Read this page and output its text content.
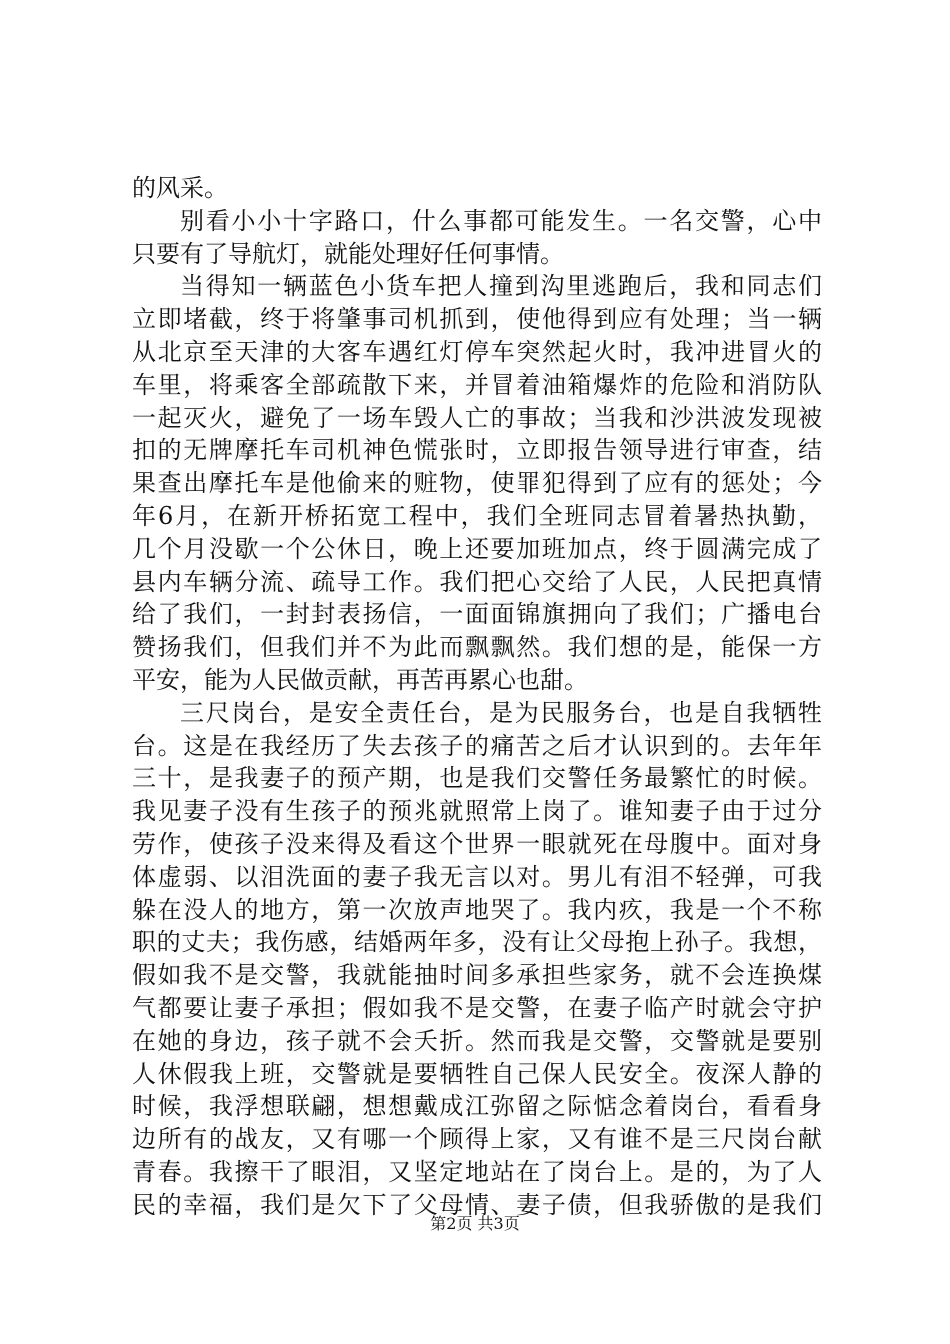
的风采。
别看小小十字路口，什么事都可能发生。一名交警，心中
只要有了导航灯，就能处理好任何事情。
当得知一辆蓝色小货车把人撞到沟里逃跑后，我和同志们
立即堵截，终于将肇事司机抓到，使他得到应有处理；当一辆
从北京至天津的大客车遇红灯停车突然起火时，我冲进冒火的
车里，将乘客全部疏散下来，并冒着油箱爆炸的危险和消防队
一起灭火，避免了一场车毁人亡的事故；当我和沙洪波发现被
扣的无牌摩托车司机神色慌张时，立即报告领导进行审查，结
果查出摩托车是他偷来的赃物，使罪犯得到了应有的惩处；今
年6月，在新开桥拓宽工程中，我们全班同志冒着暑热执勤，
几个月没歇一个公休日，晚上还要加班加点，终于圆满完成了
县内车辆分流、疏导工作。我们把心交给了人民，人民把真情
给了我们，一封封表扬信，一面面锦旗拥向了我们；广播电台
赞扬我们，但我们并不为此而飘飘然。我们想的是，能保一方
平安，能为人民做贡献，再苦再累心也甜。
三尺岗台，是安全责任台，是为民服务台，也是自我牺牲
台。这是在我经历了失去孩子的痛苦之后才认识到的。去年年
三十，是我妻子的预产期，也是我们交警任务最繁忙的时候。
我见妻子没有生孩子的预兆就照常上岗了。谁知妻子由于过分
劳作，使孩子没来得及看这个世界一眼就死在母腹中。面对身
体虚弱、以泪洗面的妻子我无言以对。男儿有泪不轻弹，可我
躲在没人的地方，第一次放声地哭了。我内疚，我是一个不称
职的丈夫；我伤感，结婚两年多，没有让父母抱上孙子。我想，
假如我不是交警，我就能抽时间多承担些家务，就不会连换煤
气都要让妻子承担；假如我不是交警，在妻子临产时就会守护
在她的身边，孩子就不会夭折。然而我是交警，交警就是要别
人休假我上班，交警就是要牺牲自己保人民安全。夜深人静的
时候，我浮想联翩，想想戴成江弥留之际惦念着岗台，看看身
边所有的战友，又有哪一个顾得上家，又有谁不是三尺岗台献
青春。我擦干了眼泪，又坚定地站在了岗台上。是的，为了人
民的幸福，我们是欠下了父母情、妻子债，但我骄傲的是我们
第2页 共3页
